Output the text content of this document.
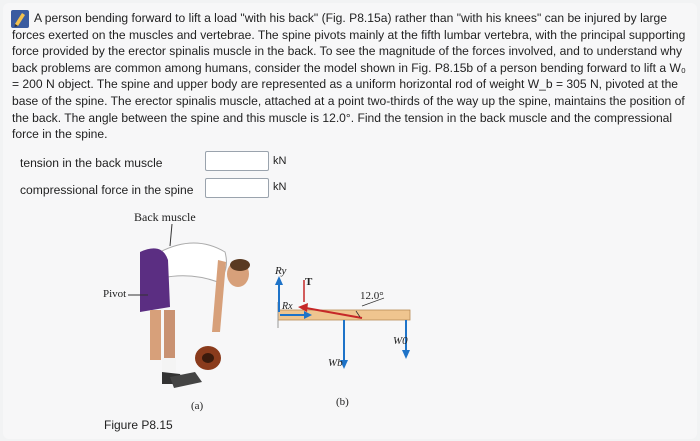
A person bending forward to lift a load "with his back" (Fig. P8.15a) rather than "with his knees" can be injured by large forces exerted on the muscles and vertebrae. The spine pivots mainly at the fifth lumbar vertebra, with the principal supporting force provided by the erector spinalis muscle in the back. To see the magnitude of the forces involved, and to understand why back problems are common among humans, consider the model shown in Fig. P8.15b of a person bending forward to lift a W₀ = 200 N object. The spine and upper body are represented as a uniform horizontal rod of weight W_b = 305 N, pivoted at the base of the spine. The erector spinalis muscle, attached at a point two-thirds of the way up the spine, maintains the position of the back. The angle between the spine and this muscle is 12.0°. Find the tension in the back muscle and the compressional force in the spine.

tension in the back muscle	kN
compressional force in the spine	kN
Back muscle
Pivot
(a)
Ry
T
Rx
12.0°
Wb
W0
(b)
Figure P8.15
